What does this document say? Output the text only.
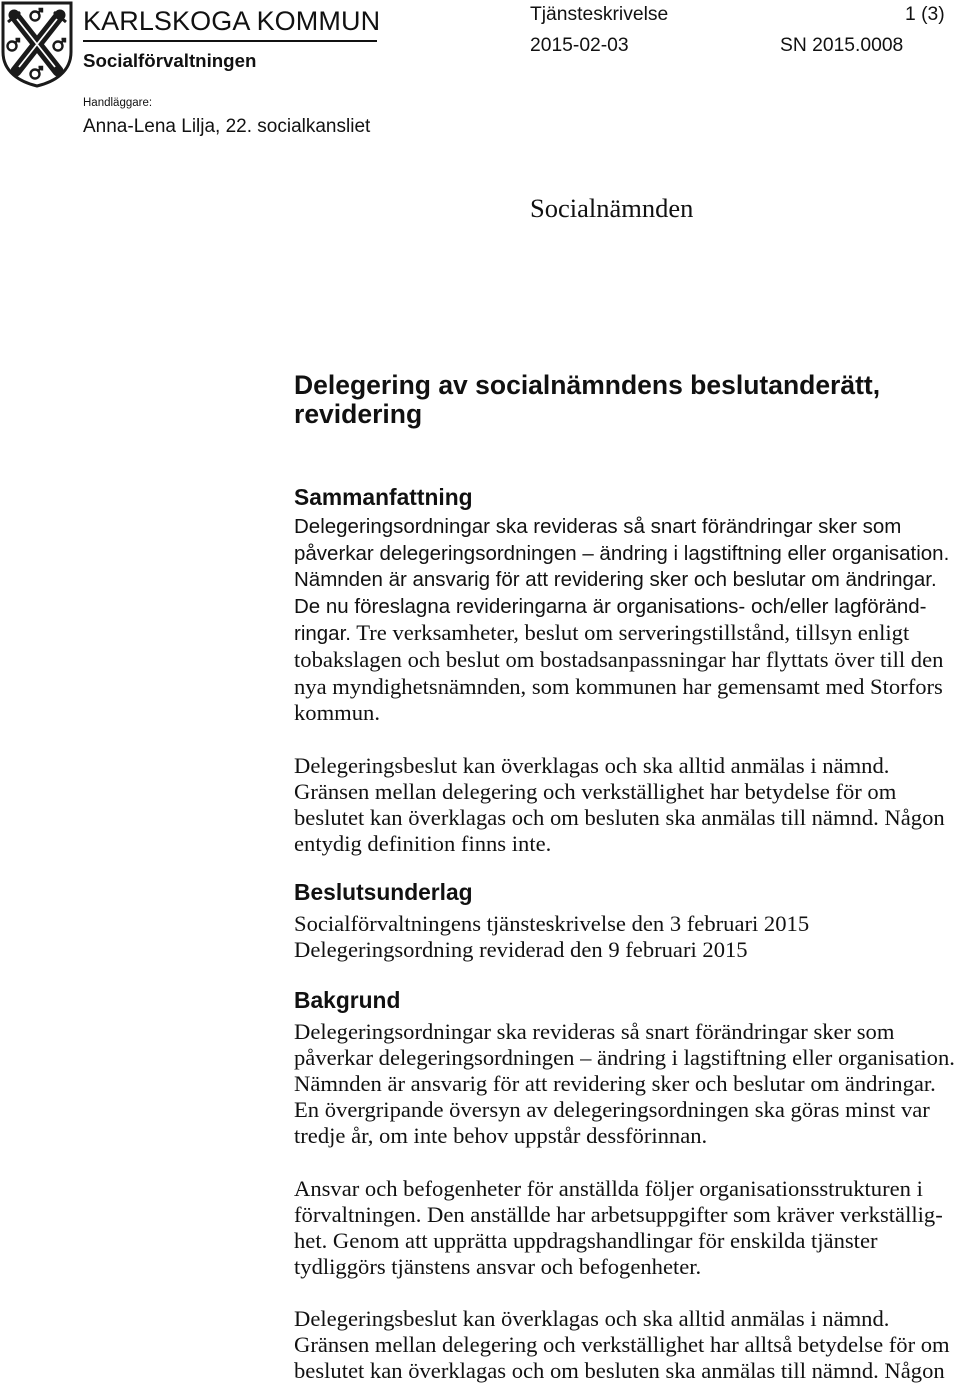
KARLSKOGA KOMMUN
Socialförvaltningen
Tjänsteskrivelse	1 (3)
2015-02-03	SN 2015.0008
Handläggare:
Anna-Lena Lilja, 22. socialkansliet
Socialnämnden
Delegering av socialnämndens beslutanderätt,
revidering
Sammanfattning
Delegeringsordningar ska revideras så snart förändringar sker som
påverkar delegeringsordningen – ändring i lagstiftning eller organisation.
Nämnden är ansvarig för att revidering sker och beslutar om ändringar.
De nu föreslagna revideringarna är organisations- och/eller lagföränd-
ringar. Tre verksamheter, beslut om serveringstillstånd, tillsyn enligt
tobakslagen och beslut om bostadsanpassningar har flyttats över till den
nya myndighetsnämnden, som kommunen har gemensamt med Storfors
kommun.
Delegeringsbeslut kan överklagas och ska alltid anmälas i nämnd.
Gränsen mellan delegering och verkställighet har betydelse för om
beslutet kan överklagas och om besluten ska anmälas till nämnd. Någon
entydig definition finns inte.
Beslutsunderlag
Socialförvaltningens tjänsteskrivelse den 3 februari 2015
Delegeringsordning reviderad den 9 februari 2015
Bakgrund
Delegeringsordningar ska revideras så snart förändringar sker som
påverkar delegeringsordningen – ändring i lagstiftning eller organisation.
Nämnden är ansvarig för att revidering sker och beslutar om ändringar.
En övergripande översyn av delegeringsordningen ska göras minst var
tredje år, om inte behov uppstår dessförinnan.
Ansvar och befogenheter för anställda följer organisationsstrukturen i
förvaltningen. Den anställde har arbetsuppgifter som kräver verkställig-
het. Genom att upprätta uppdragshandlingar för enskilda tjänster
tydliggörs tjänstens ansvar och befogenheter.
Delegeringsbeslut kan överklagas och ska alltid anmälas i nämnd.
Gränsen mellan delegering och verkställighet har alltså betydelse för om
beslutet kan överklagas och om besluten ska anmälas till nämnd. Någon
